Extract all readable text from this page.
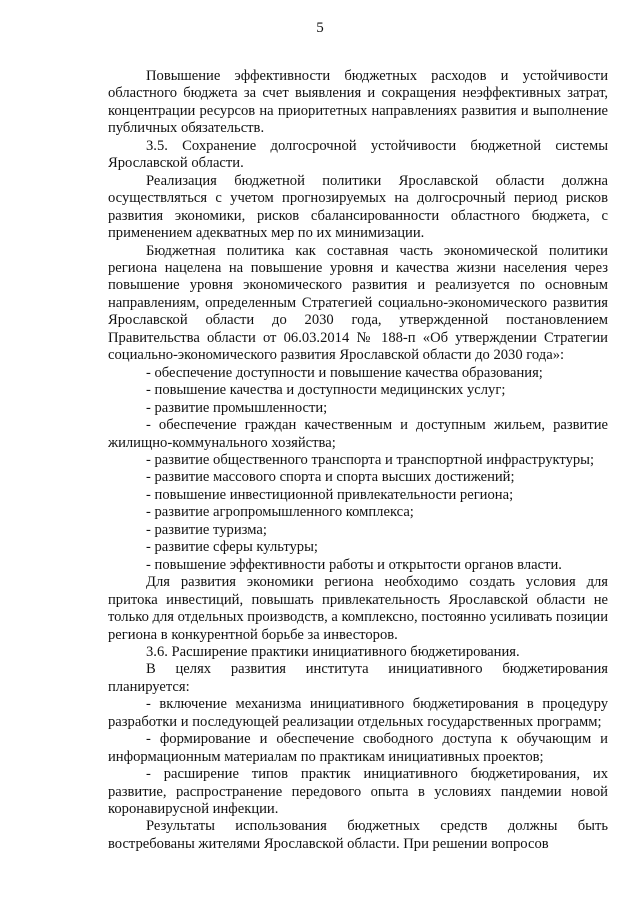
5

Повышение эффективности бюджетных расходов и устойчивости областного бюджета за счет выявления и сокращения неэффективных затрат, концентрации ресурсов на приоритетных направлениях развития и выполнение публичных обязательств.

3.5. Сохранение долгосрочной устойчивости бюджетной системы Ярославской области.

Реализация бюджетной политики Ярославской области должна осуществляться с учетом прогнозируемых на долгосрочный период рисков развития экономики, рисков сбалансированности областного бюджета, с применением адекватных мер по их минимизации.

Бюджетная политика как составная часть экономической политики региона нацелена на повышение уровня и качества жизни населения через повышение уровня экономического развития и реализуется по основным направлениям, определенным Стратегией социально-экономического развития Ярославской области до 2030 года, утвержденной постановлением Правительства области от 06.03.2014 № 188-п «Об утверждении Стратегии социально-экономического развития Ярославской области до 2030 года»:

- обеспечение доступности и повышение качества образования;

- повышение качества и доступности медицинских услуг;

- развитие промышленности;

- обеспечение граждан качественным и доступным жильем, развитие жилищно-коммунального хозяйства;

- развитие общественного транспорта и транспортной инфраструктуры;

- развитие массового спорта и спорта высших достижений;

- повышение инвестиционной привлекательности региона;

- развитие агропромышленного комплекса;

- развитие туризма;

- развитие сферы культуры;

- повышение эффективности работы и открытости органов власти.

Для развития экономики региона необходимо создать условия для притока инвестиций, повышать привлекательность Ярославской области не только для отдельных производств, а комплексно, постоянно усиливать позиции региона в конкурентной борьбе за инвесторов.

3.6. Расширение практики инициативного бюджетирования.

В целях развития института инициативного бюджетирования планируется:

- включение механизма инициативного бюджетирования в процедуру разработки и последующей реализации отдельных государственных программ;

- формирование и обеспечение свободного доступа к обучающим и информационным материалам по практикам инициативных проектов;

- расширение типов практик инициативного бюджетирования, их развитие, распространение передового опыта в условиях пандемии новой коронавирусной инфекции.

Результаты использования бюджетных средств должны быть востребованы жителями Ярославской области. При решении вопросов
